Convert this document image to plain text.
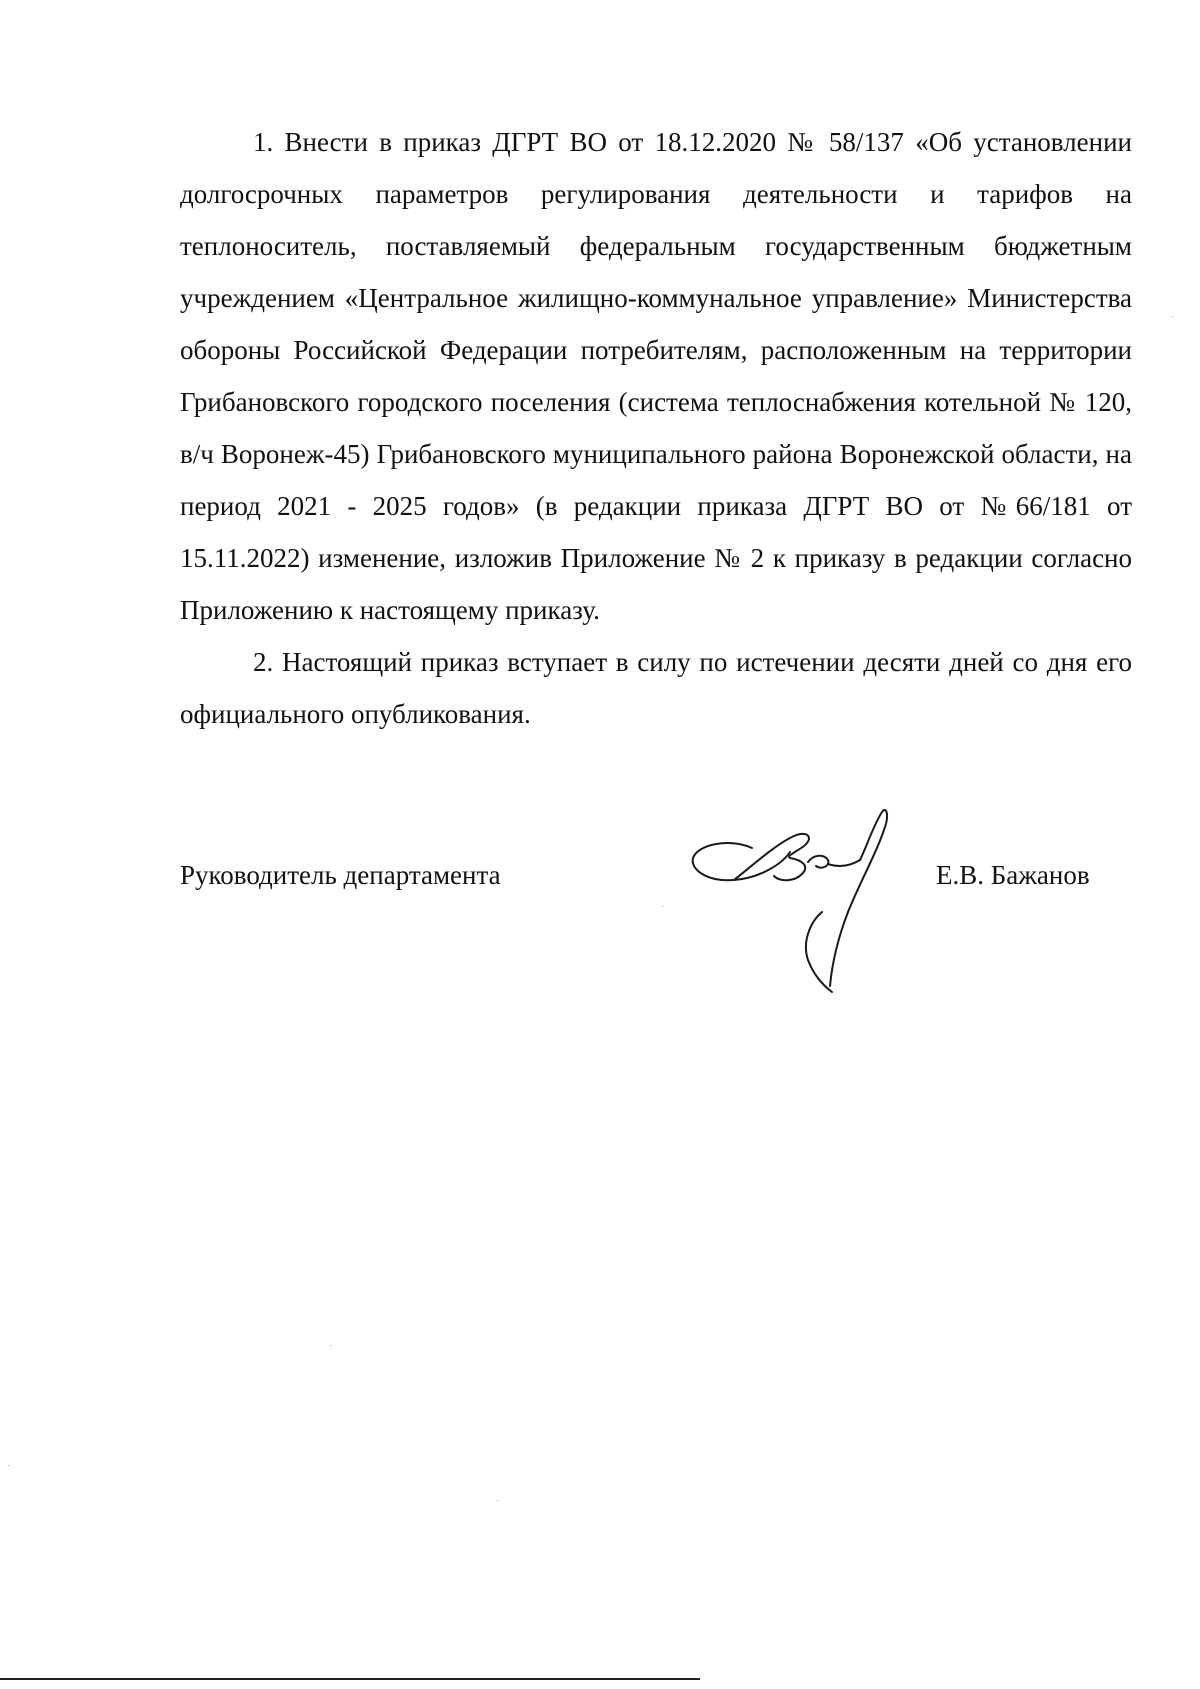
1. Внести в приказ ДГРТ ВО от 18.12.2020 № 58/137 «Об установлении долгосрочных параметров регулирования деятельности и тарифов на теплоноситель, поставляемый федеральным государственным бюджетным учреждением «Центральное жилищно-коммунальное управление» Министерства обороны Российской Федерации потребителям, расположенным на территории Грибановского городского поселения (система теплоснабжения котельной № 120, в/ч Воронеж-45) Грибановского муниципального района Воронежской области, на период 2021 - 2025 годов» (в редакции приказа ДГРТ ВО от №66/181 от 15.11.2022) изменение, изложив Приложение № 2 к приказу в редакции согласно Приложению к настоящему приказу.

2. Настоящий приказ вступает в силу по истечении десяти дней со дня его официального опубликования.

Руководитель департамента	Е.В. Бажанов
